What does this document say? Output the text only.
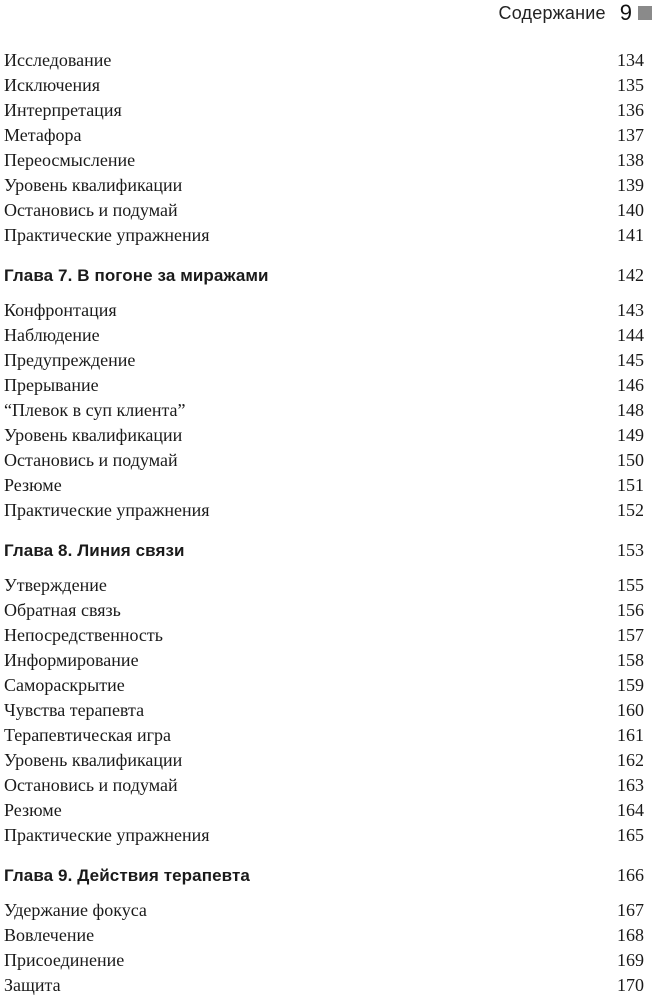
Содержание 9
Исследование	134
Исключения	135
Интерпретация	136
Метафора	137
Переосмысление	138
Уровень квалификации	139
Остановись и подумай	140
Практические упражнения	141
Глава 7. В погоне за миражами	142
Конфронтация	143
Наблюдение	144
Предупреждение	145
Прерывание	146
“Плевок в суп клиента”	148
Уровень квалификации	149
Остановись и подумай	150
Резюме	151
Практические упражнения	152
Глава 8. Линия связи	153
Утверждение	155
Обратная связь	156
Непосредственность	157
Информирование	158
Самораскрытие	159
Чувства терапевта	160
Терапевтическая игра	161
Уровень квалификации	162
Остановись и подумай	163
Резюме	164
Практические упражнения	165
Глава 9. Действия терапевта	166
Удержание фокуса	167
Вовлечение	168
Присоединение	169
Защита	170
